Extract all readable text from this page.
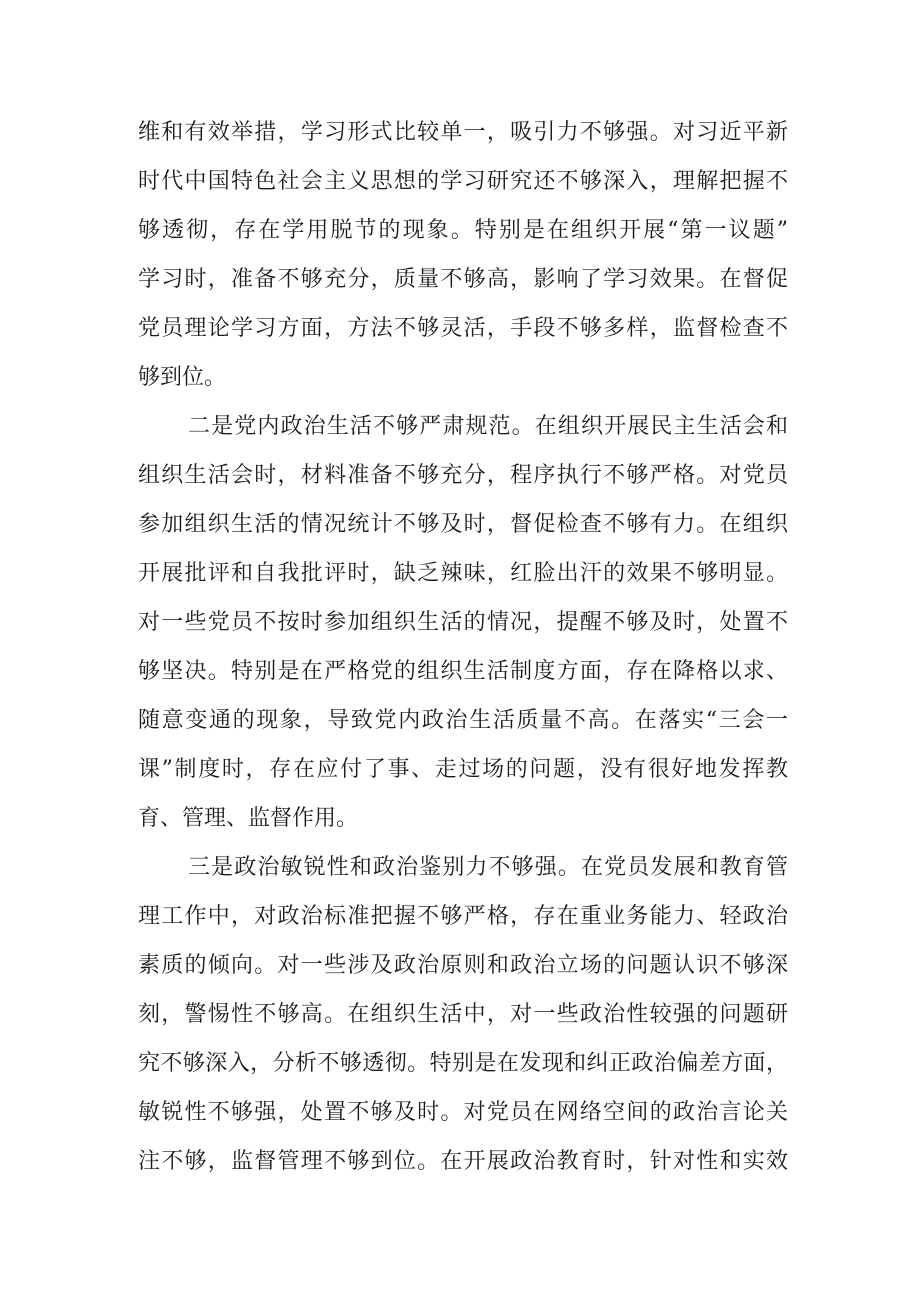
维和有效举措，学习形式比较单一，吸引力不够强。对习近平新
时代中国特色社会主义思想的学习研究还不够深入，理解把握不
够透彻，存在学用脱节的现象。特别是在组织开展“第一议题”
学习时，准备不够充分，质量不够高，影响了学习效果。在督促
党员理论学习方面，方法不够灵活，手段不够多样，监督检查不
够到位。
二是党内政治生活不够严肃规范。在组织开展民主生活会和
组织生活会时，材料准备不够充分，程序执行不够严格。对党员
参加组织生活的情况统计不够及时，督促检查不够有力。在组织
开展批评和自我批评时，缺乏辣味，红脸出汗的效果不够明显。
对一些党员不按时参加组织生活的情况，提醒不够及时，处置不
够坚决。特别是在严格党的组织生活制度方面，存在降格以求、
随意变通的现象，导致党内政治生活质量不高。在落实“三会一
课”制度时，存在应付了事、走过场的问题，没有很好地发挥教
育、管理、监督作用。
三是政治敏锐性和政治鉴别力不够强。在党员发展和教育管
理工作中，对政治标准把握不够严格，存在重业务能力、轻政治
素质的倾向。对一些涉及政治原则和政治立场的问题认识不够深
刻，警惕性不够高。在组织生活中，对一些政治性较强的问题研
究不够深入，分析不够透彻。特别是在发现和纠正政治偏差方面，
敏锐性不够强，处置不够及时。对党员在网络空间的政治言论关
注不够，监督管理不够到位。在开展政治教育时，针对性和实效
